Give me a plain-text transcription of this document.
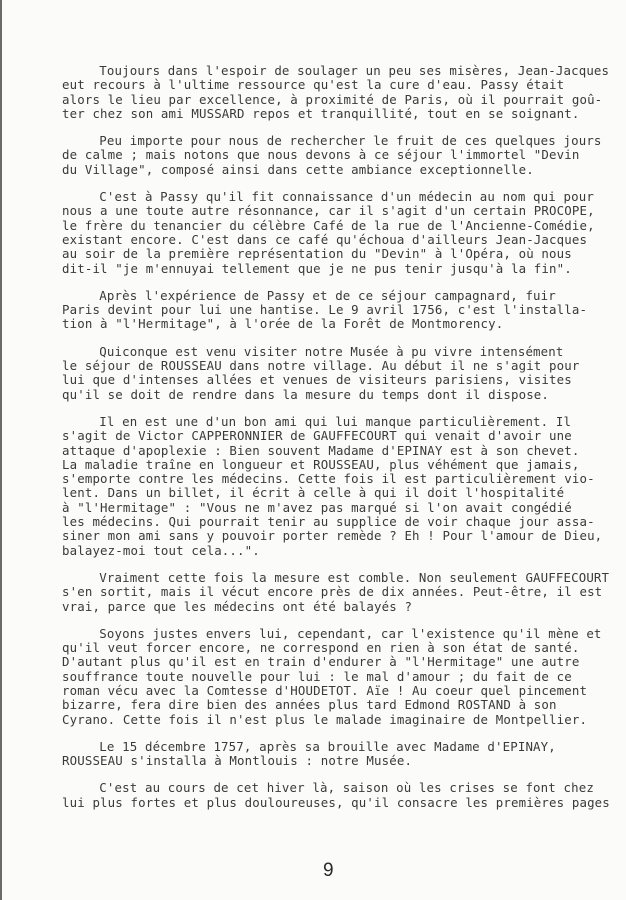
Toujours dans l'espoir de soulager un peu ses misères, Jean-Jacques
eut recours à l'ultime ressource qu'est la cure d'eau. Passy était
alors le lieu par excellence, à proximité de Paris, où il pourrait goû-
ter chez son ami MUSSARD repos et tranquillité, tout en se soignant.
Peu importe pour nous de rechercher le fruit de ces quelques jours
de calme ; mais notons que nous devons à ce séjour l'immortel "Devin
du Village", composé ainsi dans cette ambiance exceptionnelle.
C'est à Passy qu'il fit connaissance d'un médecin au nom qui pour
nous a une toute autre résonnance, car il s'agit d'un certain PROCOPE,
le frère du tenancier du célèbre Café de la rue de l'Ancienne-Comédie,
existant encore. C'est dans ce café qu'échoua d'ailleurs Jean-Jacques
au soir de la première représentation du "Devin" à l'Opéra, où nous
dit-il "je m'ennuyai tellement que je ne pus tenir jusqu'à la fin".
Après l'expérience de Passy et de ce séjour campagnard, fuir
Paris devint pour lui une hantise. Le 9 avril 1756, c'est l'installa-
tion à "l'Hermitage", à l'orée de la Forêt de Montmorency.
Quiconque est venu visiter notre Musée à pu vivre intensément
le séjour de ROUSSEAU dans notre village. Au début il ne s'agit pour
lui que d'intenses allées et venues de visiteurs parisiens, visites
qu'il se doit de rendre dans la mesure du temps dont il dispose.
Il en est une d'un bon ami qui lui manque particulièrement. Il
s'agit de Victor CAPPERONNIER de GAUFFECOURT qui venait d'avoir une
attaque d'apoplexie : Bien souvent Madame d'EPINAY est à son chevet.
La maladie traîne en longueur et ROUSSEAU, plus véhément que jamais,
s'emporte contre les médecins. Cette fois il est particulièrement vio-
lent. Dans un billet, il écrit à celle à qui il doit l'hospitalité
à "l'Hermitage" : "Vous ne m'avez pas marqué si l'on avait congédié
les médecins. Qui pourrait tenir au supplice de voir chaque jour assa-
siner mon ami sans y pouvoir porter remède ? Eh ! Pour l'amour de Dieu,
balayez-moi tout cela...".
Vraiment cette fois la mesure est comble. Non seulement GAUFFECOURT
s'en sortit, mais il vécut encore près de dix années. Peut-être, il est
vrai, parce que les médecins ont été balayés ?
Soyons justes envers lui, cependant, car l'existence qu'il mène et
qu'il veut forcer encore, ne correspond en rien à son état de santé.
D'autant plus qu'il est en train d'endurer à "l'Hermitage" une autre
souffrance toute nouvelle pour lui : le mal d'amour ; du fait de ce
roman vécu avec la Comtesse d'HOUDETOT. Aïe ! Au coeur quel pincement
bizarre, fera dire bien des années plus tard Edmond ROSTAND à son
Cyrano. Cette fois il n'est plus le malade imaginaire de Montpellier.
Le 15 décembre 1757, après sa brouille avec Madame d'EPINAY,
ROUSSEAU s'installa à Montlouis : notre Musée.
C'est au cours de cet hiver là, saison où les crises se font chez
lui plus fortes et plus douloureuses, qu'il consacre les premières pages
9
